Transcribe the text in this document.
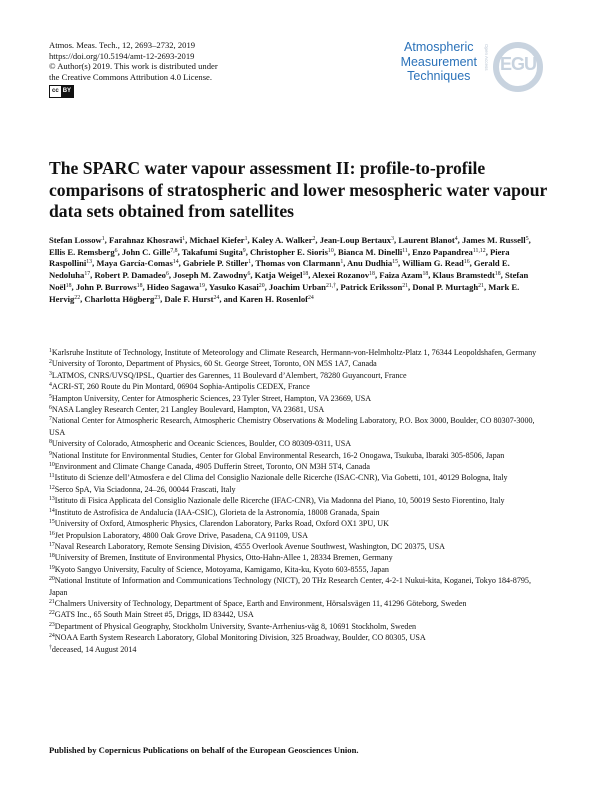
Atmos. Meas. Tech., 12, 2693–2732, 2019
https://doi.org/10.5194/amt-12-2693-2019
© Author(s) 2019. This work is distributed under
the Creative Commons Attribution 4.0 License.
cc BY
Atmospheric
Measurement
Techniques
Open Access EGU
The SPARC water vapour assessment II: profile-to-profile comparisons of stratospheric and lower mesospheric water vapour data sets obtained from satellites
Stefan Lossow$^1$, Farahnaz Khosrawi$^1$, Michael Kiefer$^1$, Kaley A. Walker$^2$, Jean-Loup Bertaux$^3$, Laurent Blanot$^4$, James M. Russell$^5$, Ellis E. Remsberg$^6$, John C. Gille$^{7,8}$, Takafumi Sugita$^9$, Christopher E. Sioris$^{10}$, Bianca M. Dinelli$^{11}$, Enzo Papandrea$^{11,12}$, Piera Raspollini$^{13}$, Maya García-Comas$^{14}$, Gabriele P. Stiller$^1$, Thomas von Clarmann$^1$, Anu Dudhia$^{15}$, William G. Read$^{16}$, Gerald E. Nedoluha$^{17}$, Robert P. Damadeo$^6$, Joseph M. Zawodny$^6$, Katja Weigel$^{18}$, Alexei Rozanov$^{18}$, Faiza Azam$^{18}$, Klaus Bramstedt$^{18}$, Stefan Noël$^{18}$, John P. Burrows$^{18}$, Hideo Sagawa$^{19}$, Yasuko Kasai$^{20}$, Joachim Urban$^{21,\dagger}$, Patrick Eriksson$^{21}$, Donal P. Murtagh$^{21}$, Mark E. Hervig$^{22}$, Charlotta Högberg$^{23}$, Dale F. Hurst$^{24}$, and Karen H. Rosenlof$^{24}$

$^1$Karlsruhe Institute of Technology, Institute of Meteorology and Climate Research, Hermann-von-Helmholtz-Platz 1, 76344 Leopoldshafen, Germany

$^2$University of Toronto, Department of Physics, 60 St. George Street, Toronto, ON M5S 1A7, Canada

$^3$LATMOS, CNRS/UVSQ/IPSL, Quartier des Garennes, 11 Boulevard d’Alembert, 78280 Guyancourt, France

$^4$ACRI-ST, 260 Route du Pin Montard, 06904 Sophia-Antipolis CEDEX, France

$^5$Hampton University, Center for Atmospheric Sciences, 23 Tyler Street, Hampton, VA 23669, USA

$^6$NASA Langley Research Center, 21 Langley Boulevard, Hampton, VA 23681, USA

$^7$National Center for Atmospheric Research, Atmospheric Chemistry Observations & Modeling Laboratory, P.O. Box 3000, Boulder, CO 80307-3000, USA

$^8$University of Colorado, Atmospheric and Oceanic Sciences, Boulder, CO 80309-0311, USA

$^9$National Institute for Environmental Studies, Center for Global Environmental Research, 16-2 Onogawa, Tsukuba, Ibaraki 305-8506, Japan

$^{10}$Environment and Climate Change Canada, 4905 Dufferin Street, Toronto, ON M3H 5T4, Canada

$^{11}$Istituto di Scienze dell’Atmosfera e del Clima del Consiglio Nazionale delle Ricerche (ISAC-CNR), Via Gobetti, 101, 40129 Bologna, Italy

$^{12}$Serco SpA, Via Sciadonna, 24–26, 00044 Frascati, Italy

$^{13}$Istituto di Fisica Applicata del Consiglio Nazionale delle Ricerche (IFAC-CNR), Via Madonna del Piano, 10, 50019 Sesto Fiorentino, Italy

$^{14}$Instituto de Astrofísica de Andalucía (IAA-CSIC), Glorieta de la Astronomía, 18008 Granada, Spain

$^{15}$University of Oxford, Atmospheric Physics, Clarendon Laboratory, Parks Road, Oxford OX1 3PU, UK

$^{16}$Jet Propulsion Laboratory, 4800 Oak Grove Drive, Pasadena, CA 91109, USA

$^{17}$Naval Research Laboratory, Remote Sensing Division, 4555 Overlook Avenue Southwest, Washington, DC 20375, USA

$^{18}$University of Bremen, Institute of Environmental Physics, Otto-Hahn-Allee 1, 28334 Bremen, Germany

$^{19}$Kyoto Sangyo University, Faculty of Science, Motoyama, Kamigamo, Kita-ku, Kyoto 603-8555, Japan

$^{20}$National Institute of Information and Communications Technology (NICT), 20 THz Research Center, 4-2-1 Nukui-kita, Koganei, Tokyo 184-8795, Japan

$^{21}$Chalmers University of Technology, Department of Space, Earth and Environment, Hörsalsvägen 11, 41296 Göteborg, Sweden

$^{22}$GATS Inc., 65 South Main Street #5, Driggs, ID 83442, USA

$^{23}$Department of Physical Geography, Stockholm University, Svante-Arrhenius-väg 8, 10691 Stockholm, Sweden

$^{24}$NOAA Earth System Research Laboratory, Global Monitoring Division, 325 Broadway, Boulder, CO 80305, USA

†deceased, 14 August 2014

Published by Copernicus Publications on behalf of the European Geosciences Union.
